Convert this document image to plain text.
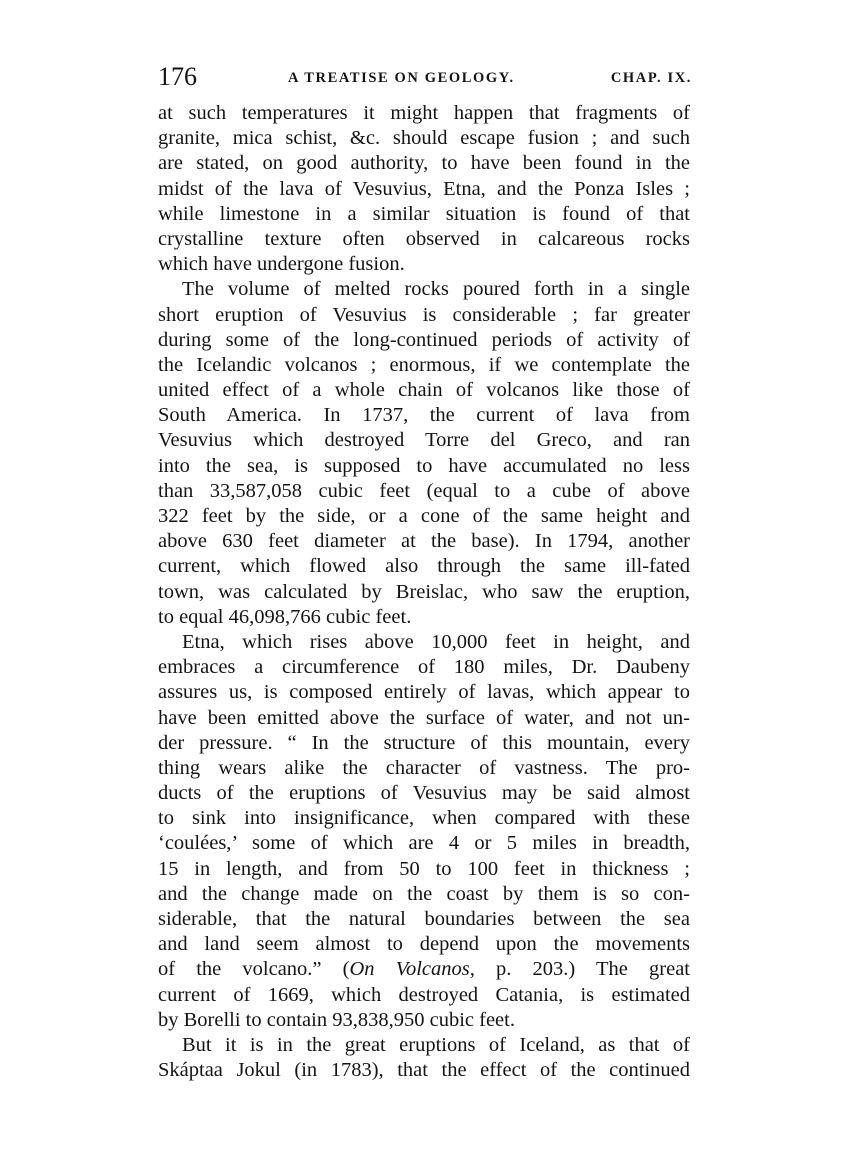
176	A TREATISE ON GEOLOGY.	CHAP. IX.
at such temperatures it might happen that fragments of
granite, mica schist, &c. should escape fusion ; and such
are stated, on good authority, to have been found in the
midst of the lava of Vesuvius, Etna, and the Ponza Isles ;
while limestone in a similar situation is found of that
crystalline texture often observed in calcareous rocks
which have undergone fusion.
The volume of melted rocks poured forth in a single
short eruption of Vesuvius is considerable ; far greater
during some of the long-continued periods of activity of
the Icelandic volcanos ; enormous, if we contemplate the
united effect of a whole chain of volcanos like those of
South America. In 1737, the current of lava from
Vesuvius which destroyed Torre del Greco, and ran
into the sea, is supposed to have accumulated no less
than 33,587,058 cubic feet (equal to a cube of above
322 feet by the side, or a cone of the same height and
above 630 feet diameter at the base). In 1794, another
current, which flowed also through the same ill-fated
town, was calculated by Breislac, who saw the eruption,
to equal 46,098,766 cubic feet.
Etna, which rises above 10,000 feet in height, and
embraces a circumference of 180 miles, Dr. Daubeny
assures us, is composed entirely of lavas, which appear to
have been emitted above the surface of water, and not un-
der pressure. “ In the structure of this mountain, every
thing wears alike the character of vastness. The pro-
ducts of the eruptions of Vesuvius may be said almost
to sink into insignificance, when compared with these
‘coulées,’ some of which are 4 or 5 miles in breadth,
15 in length, and from 50 to 100 feet in thickness ;
and the change made on the coast by them is so con-
siderable, that the natural boundaries between the sea
and land seem almost to depend upon the movements
of the volcano.” (On Volcanos, p. 203.) The great
current of 1669, which destroyed Catania, is estimated
by Borelli to contain 93,838,950 cubic feet.
But it is in the great eruptions of Iceland, as that of
Skáptaa Jokul (in 1783), that the effect of the continued
